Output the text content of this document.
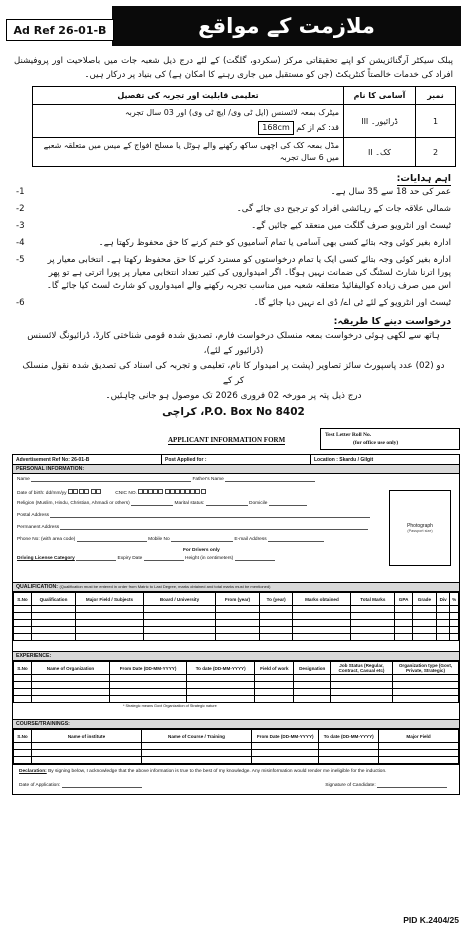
Ad Ref 26-01-B	ملازمت کے مواقع

پبلک سیکٹر آرگنائزیشن کو اپنے تحقیقاتی مرکز (سکردو، گلگت) کے لئے درج ذیل شعبہ جات میں باصلاحیت اور پروفیشنل افراد کی خدمات خالصتاً کنٹریکٹ (جن کو مستقبل میں جاری رہنے کا امکان ہے) کی بنیاد پر درکار ہیں۔

نمبر	آسامی کا نام	تعلیمی قابلیت اور تجربہ کی تفصیل
1	ڈرائیور۔ III	میٹرک بمعہ لائسنس (ایل ٹی وی/ ایچ ٹی وی) اور 03 سال تجربہ
قد: کم از کم 168cm

2	کک۔ II	مڈل بمعہ کک کی اچھی ساکھ رکھنے والے ہوٹل یا مسلح افواج کے میس میں متعلقہ شعبے میں 6 سال تجربہ
اہم ہدایات:
عمر کی حد 18 سے 35 سال ہے۔
-1
شمالی علاقہ جات کے رہائشی افراد کو ترجیح دی جائے گی۔
-2
ٹیسٹ اور انٹرویو صرف گلگت میں منعقد کیے جائیں گے۔
-3
ادارہ بغیر کوئی وجہ بتائے کسی بھی آسامی یا تمام آسامیوں کو ختم کرنے کا حق محفوظ رکھتا ہے۔
-4
ادارہ بغیر کوئی وجہ بتائے کسی ایک یا تمام درخواستوں کو مسترد کرنے کا حق محفوظ رکھتا ہے۔ انتخابی معیار پر پورا اترنا شارٹ لسٹنگ کی ضمانت نہیں ہوگا۔ اگر امیدواروں کی کثیر تعداد انتخابی معیار پر پورا اترتی ہے تو پھر اس میں صرف زیادہ کوالیفائیڈ متعلقہ شعبہ میں مناسب تجربہ رکھنے والے امیدواروں کو شارٹ لسٹ کیا جائے گا۔
-5
ٹیسٹ اور انٹرویو کے لئے ٹی اے/ ڈی اے نہیں دیا جائے گا۔
-6
درخواست دینے کا طریقہ:
ہاتھ سے لکھی ہوئی درخواست بمعہ منسلک درخواست فارم، تصدیق شدہ قومی شناختی کارڈ، ڈرائیونگ لائسنس (ڈرائیور کے لئے)،
دو (02) عدد پاسپورٹ سائز تصاویر (پشت پر امیدوار کا نام، تعلیمی و تجربہ کی اسناد کی تصدیق شدہ نقول منسلک کر کے
درج ذیل پتہ پر مورخہ 02 فروری 2026 تک موصول ہو جانی چاہئیں۔
P.O. Box No 8402، کراچی
APPLICANT INFORMATION FORM
Test Letter Roll No.
(for office use only)
Advertisement Ref No: 26-01-B	Post Applied for :	Location : Skardu / Gilgit
PERSONAL INFORMATION:
Name	Father's Name
Date of birth: dd/mm/yy	CNIC NO.
Religion (Muslim, Hindu, Christian, Ahmadi or others)	Marital status:	Domicile
Postal Address
Permanent Address
Phone No: (with area code)	Mobile No	E-mail Address
For Drivers only
Driving License Category	Expiry Date	Height (in centimeters)
Photograph
(Passport size)
QUALIFICATION: (Qualification must be entered in order from Matric to Last Degree, marks obtained and total marks must be mentioned)
S.No	Qualification	Major Field / Subjects	Board / University	From (year)	To (year)	Marks obtained	Total Marks	GPA	Grade	Div	%

EXPERIENCE:
S.No	Name of Organization	From Date (DD-MM-YYYY)	To date (DD-MM-YYYY)	Field of work	Designation	Job Status (Regular, Contract, Casual etc)	Organization type (Govt, Private, Strategic)

* Strategic means Govt Organization of Strategic nature
COURSE/TRAININGS:
S.No	Name of institute	Name of Course / Training	From Date (DD-MM-YYYY)	To date (DD-MM-YYYY)	Major Field

Declaration: By signing below, I acknowledge that the above information is true to the best of my knowledge. Any misinformation would render me ineligible for the induction.
Date of Application:	Signature of Candidate:
PID K.2404/25
